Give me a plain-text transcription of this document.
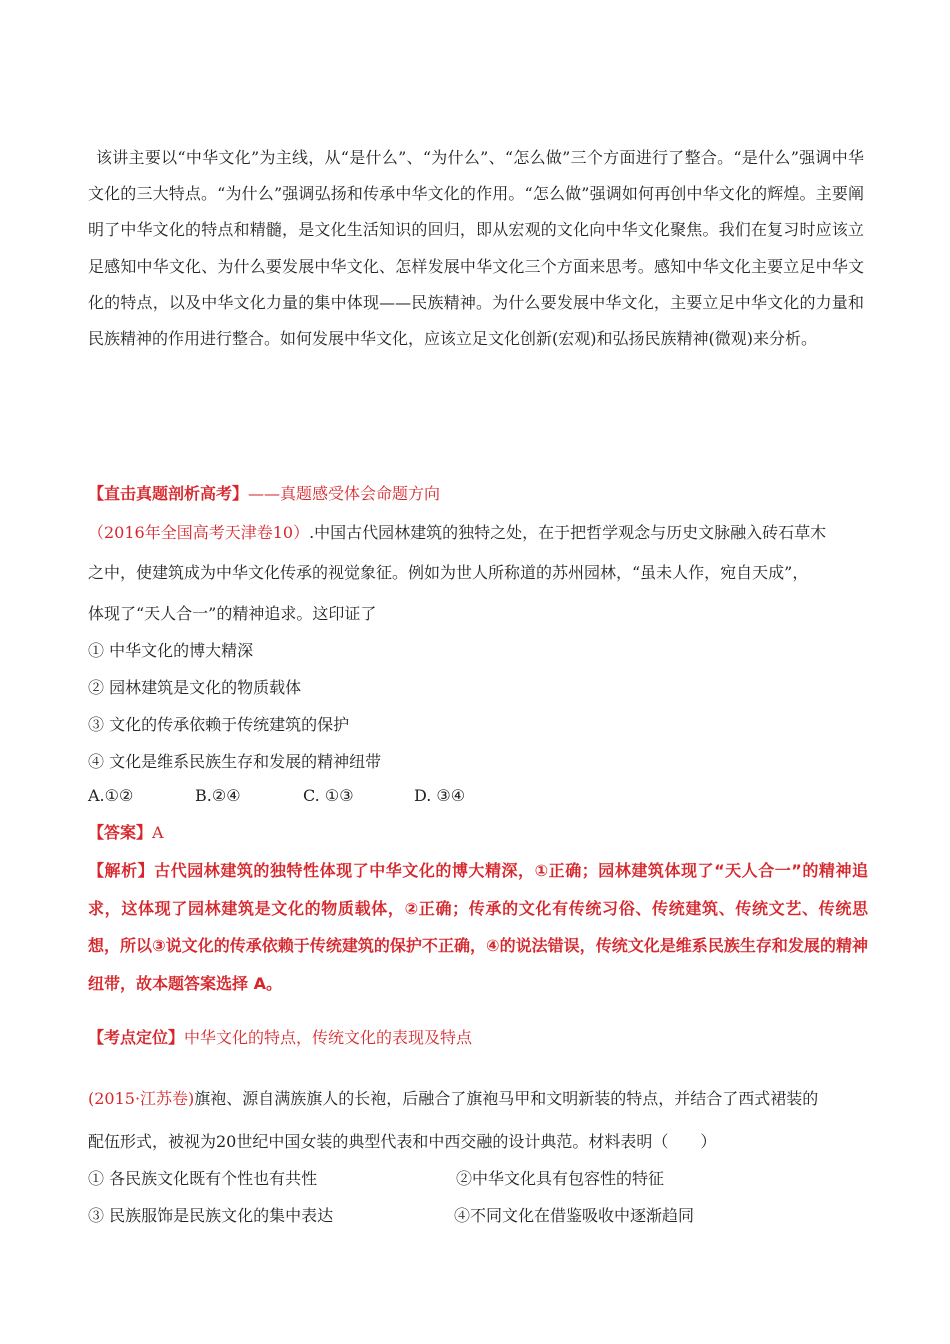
该讲主要以“中华文化”为主线，从“是什么”、“为什么”、“怎么做”三个方面进行了整合。“是什么”强调中华文化的三大特点。“为什么”强调弘扬和传承中华文化的作用。“怎么做”强调如何再创中华文化的辉煌。主要阐明了中华文化的特点和精髓，是文化生活知识的回归，即从宏观的文化向中华文化聚焦。我们在复习时应该立足感知中华文化、为什么要发展中华文化、怎样发展中华文化三个方面来思考。感知中华文化主要立足中华文化的特点，以及中华文化力量的集中体现——民族精神。为什么要发展中华文化，主要立足中华文化的力量和民族精神的作用进行整合。如何发展中华文化，应该立足文化创新(宏观)和弘扬民族精神(微观)来分析。

【直击真题剖析高考】——真题感受体会命题方向
（2016年全国高考天津卷10）.中国古代园林建筑的独特之处，在于把哲学观念与历史文脉融入砖石草木
之中，使建筑成为中华文化传承的视觉象征。例如为世人所称道的苏州园林，“虽未人作，宛自天成”，
体现了“天人合一”的精神追求。这印证了
① 中华文化的博大精深
② 园林建筑是文化的物质载体
③ 文化的传承依赖于传统建筑的保护
④ 文化是维系民族生存和发展的精神纽带
A.①②	B.②④	C. ①③	D. ③④
【答案】A
【解析】古代园林建筑的独特性体现了中华文化的博大精深，①正确；园林建筑体现了“天人合一”的精神追求，这体现了园林建筑是文化的物质载体，②正确；传承的文化有传统习俗、传统建筑、传统文艺、传统思想，所以③说文化的传承依赖于传统建筑的保护不正确，④的说法错误，传统文化是维系民族生存和发展的精神纽带，故本题答案选择 A。
【考点定位】中华文化的特点，传统文化的表现及特点
(2015·江苏卷)旗袍、源自满族旗人的长袍，后融合了旗袍马甲和文明新装的特点，并结合了西式裙装的
配伍形式，被视为20世纪中国女装的典型代表和中西交融的设计典范。材料表明（　　）
① 各民族文化既有个性也有共性	②中华文化具有包容性的特征
③ 民族服饰是民族文化的集中表达	④不同文化在借鉴吸收中逐渐趋同
